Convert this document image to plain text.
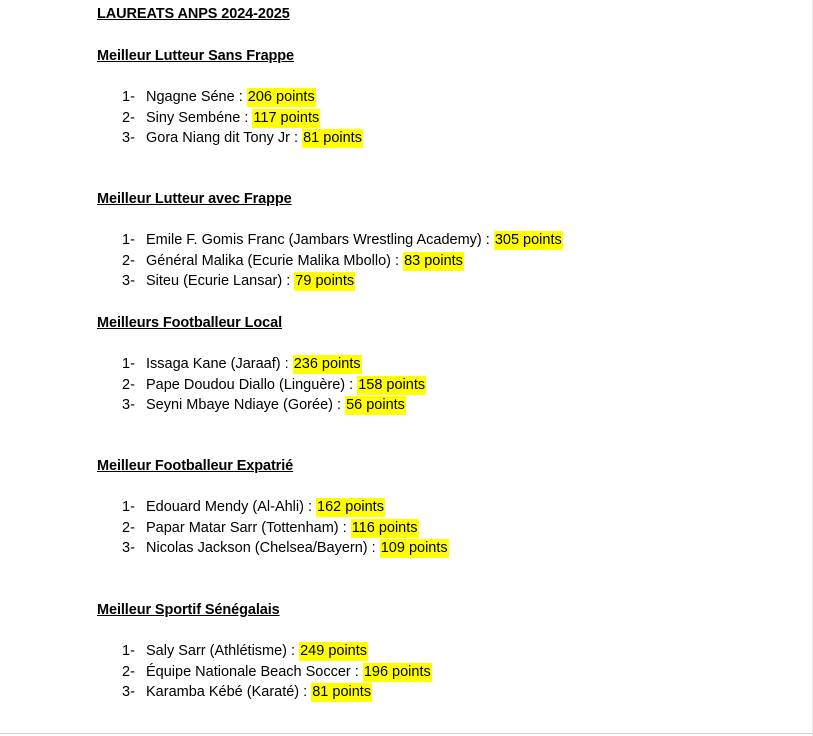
LAUREATS ANPS 2024-2025
Meilleur Lutteur Sans Frappe
1- Ngagne Séne : 206 points
2- Siny Sembéne : 117 points
3- Gora Niang dit Tony Jr : 81 points
Meilleur Lutteur avec Frappe
1- Emile F. Gomis Franc (Jambars Wrestling Academy) : 305 points
2- Général Malika (Ecurie Malika Mbollo) : 83 points
3- Siteu (Ecurie Lansar) : 79 points
Meilleurs Footballeur Local
1- Issaga Kane (Jaraaf) : 236 points
2- Pape Doudou Diallo (Linguère) : 158 points
3- Seyni Mbaye Ndiaye (Gorée) : 56 points
Meilleur Footballeur Expatrié
1- Edouard Mendy (Al-Ahli) : 162 points
2- Papar Matar Sarr (Tottenham) : 116 points
3- Nicolas Jackson (Chelsea/Bayern) : 109 points
Meilleur Sportif Sénégalais
1- Saly Sarr (Athlétisme) : 249 points
2- Équipe Nationale Beach Soccer : 196 points
3- Karamba Kébé (Karaté) : 81 points
